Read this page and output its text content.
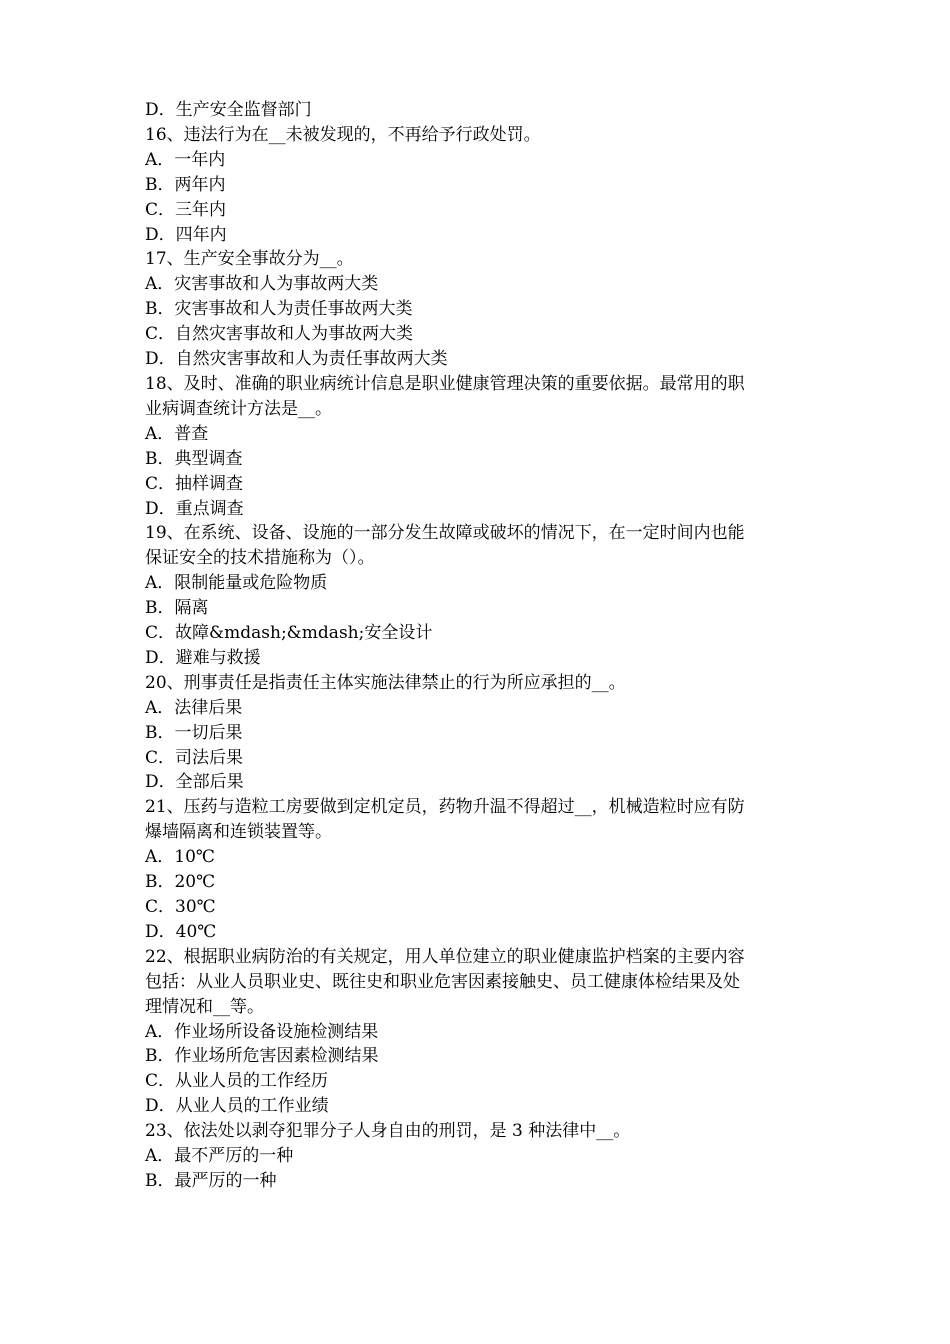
D．生产安全监督部门

16、违法行为在__未被发现的，不再给予行政处罚。

A．一年内

B．两年内

C．三年内

D．四年内

17、生产安全事故分为__。

A．灾害事故和人为事故两大类

B．灾害事故和人为责任事故两大类

C．自然灾害事故和人为事故两大类

D．自然灾害事故和人为责任事故两大类

18、及时、准确的职业病统计信息是职业健康管理决策的重要依据。最常用的职

业病调查统计方法是__。

A．普查

B．典型调查

C．抽样调查

D．重点调查

19、在系统、设备、设施的一部分发生故障或破坏的情况下，在一定时间内也能

保证安全的技术措施称为（）。

A．限制能量或危险物质

B．隔离

C．故障&mdash;&mdash;安全设计

D．避难与救援

20、刑事责任是指责任主体实施法律禁止的行为所应承担的__。

A．法律后果

B．一切后果

C．司法后果

D．全部后果

21、压药与造粒工房要做到定机定员，药物升温不得超过__，机械造粒时应有防

爆墙隔离和连锁装置等。

A．10℃

B．20℃

C．30℃

D．40℃

22、根据职业病防治的有关规定，用人单位建立的职业健康监护档案的主要内容

包括：从业人员职业史、既往史和职业危害因素接触史、员工健康体检结果及处

理情况和__等。

A．作业场所设备设施检测结果

B．作业场所危害因素检测结果

C．从业人员的工作经历

D．从业人员的工作业绩

23、依法处以剥夺犯罪分子人身自由的刑罚，是 3 种法律中__。

A．最不严厉的一种

B．最严厉的一种
